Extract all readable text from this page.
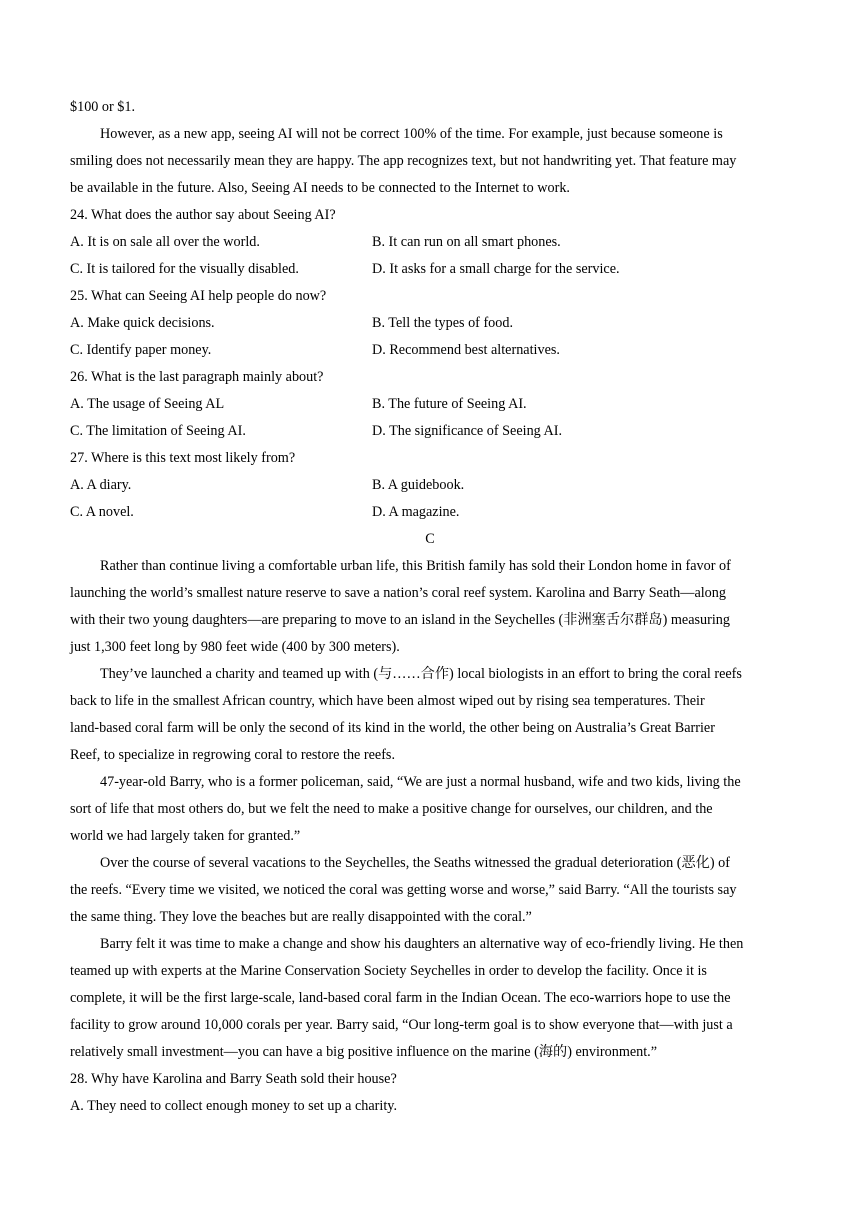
$100 or $1.
However, as a new app, seeing AI will not be correct 100% of the time. For example, just because someone is
smiling does not necessarily mean they are happy. The app recognizes text, but not handwriting yet. That feature may
be available in the future. Also, Seeing AI needs to be connected to the Internet to work.
24. What does the author say about Seeing AI?
A. It is on sale all over the world.	B. It can run on all smart phones.
C. It is tailored for the visually disabled.	D. It asks for a small charge for the service.
25. What can Seeing AI help people do now?
A. Make quick decisions.	B. Tell the types of food.
C. Identify paper money.	D. Recommend best alternatives.
26. What is the last paragraph mainly about?
A. The usage of Seeing AL	B. The future of Seeing AI.
C. The limitation of Seeing AI.	D. The significance of Seeing AI.
27. Where is this text most likely from?
A. A diary.	B. A guidebook.
C. A novel.	D. A magazine.
C
Rather than continue living a comfortable urban life, this British family has sold their London home in favor of
launching the world’s smallest nature reserve to save a nation’s coral reef system. Karolina and Barry Seath—along
with their two young daughters—are preparing to move to an island in the Seychelles (非洲塞舌尔群岛) measuring
just 1,300 feet long by 980 feet wide (400 by 300 meters).
They’ve launched a charity and teamed up with (与……合作) local biologists in an effort to bring the coral reefs
back to life in the smallest African country, which have been almost wiped out by rising sea temperatures. Their
land-based coral farm will be only the second of its kind in the world, the other being on Australia’s Great Barrier
Reef, to specialize in regrowing coral to restore the reefs.
47-year-old Barry, who is a former policeman, said, “We are just a normal husband, wife and two kids, living the
sort of life that most others do, but we felt the need to make a positive change for ourselves, our children, and the
world we had largely taken for granted.”
Over the course of several vacations to the Seychelles, the Seaths witnessed the gradual deterioration (恶化) of
the reefs. “Every time we visited, we noticed the coral was getting worse and worse,” said Barry. “All the tourists say
the same thing. They love the beaches but are really disappointed with the coral.”
Barry felt it was time to make a change and show his daughters an alternative way of eco-friendly living. He then
teamed up with experts at the Marine Conservation Society Seychelles in order to develop the facility. Once it is
complete, it will be the first large-scale, land-based coral farm in the Indian Ocean. The eco-warriors hope to use the
facility to grow around 10,000 corals per year. Barry said, “Our long-term goal is to show everyone that—with just a
relatively small investment—you can have a big positive influence on the marine (海的) environment.”
28. Why have Karolina and Barry Seath sold their house?
A. They need to collect enough money to set up a charity.
